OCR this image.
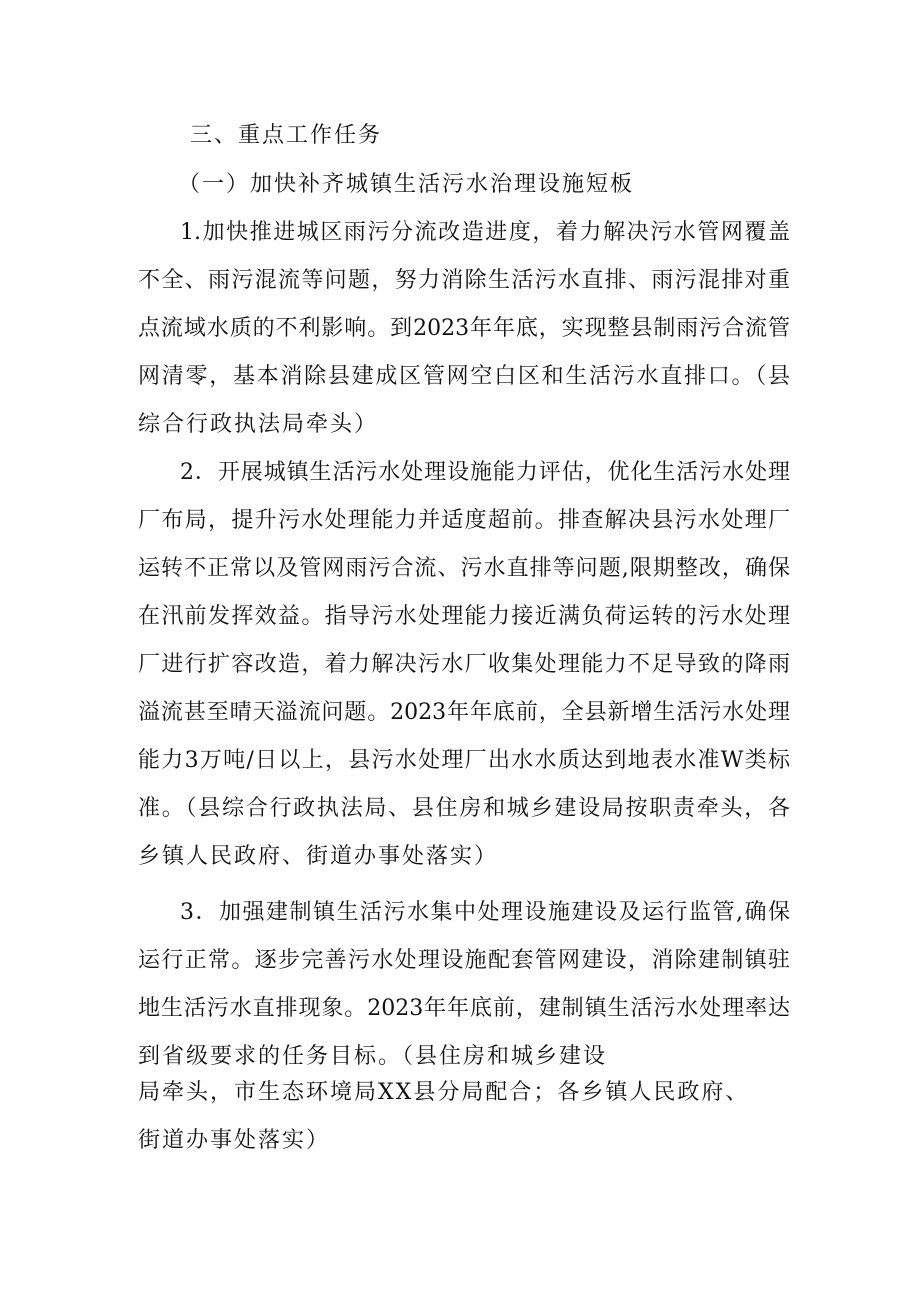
三、重点工作任务
（一）加快补齐城镇生活污水治理设施短板
1.加快推进城区雨污分流改造进度，着力解决污水管网覆盖
不全、雨污混流等问题，努力消除生活污水直排、雨污混排对重
点流域水质的不利影响。到2023年年底，实现整县制雨污合流管
网清零，基本消除县建成区管网空白区和生活污水直排口。（县
综合行政执法局牵头）
2．开展城镇生活污水处理设施能力评估，优化生活污水处理
厂布局，提升污水处理能力并适度超前。排查解决县污水处理厂
运转不正常以及管网雨污合流、污水直排等问题,限期整改，确保
在汛前发挥效益。指导污水处理能力接近满负荷运转的污水处理
厂进行扩容改造，着力解决污水厂收集处理能力不足导致的降雨
溢流甚至晴天溢流问题。2023年年底前，全县新增生活污水处理
能力3万吨/日以上，县污水处理厂出水水质达到地表水准W类标
准。（县综合行政执法局、县住房和城乡建设局按职责牵头，各
乡镇人民政府、街道办事处落实）
3．加强建制镇生活污水集中处理设施建设及运行监管,确保
运行正常。逐步完善污水处理设施配套管网建设，消除建制镇驻
地生活污水直排现象。2023年年底前，建制镇生活污水处理率达
到省级要求的任务目标。（县住房和城乡建设
局牵头，市生态环境局XX县分局配合；各乡镇人民政府、
街道办事处落实）
